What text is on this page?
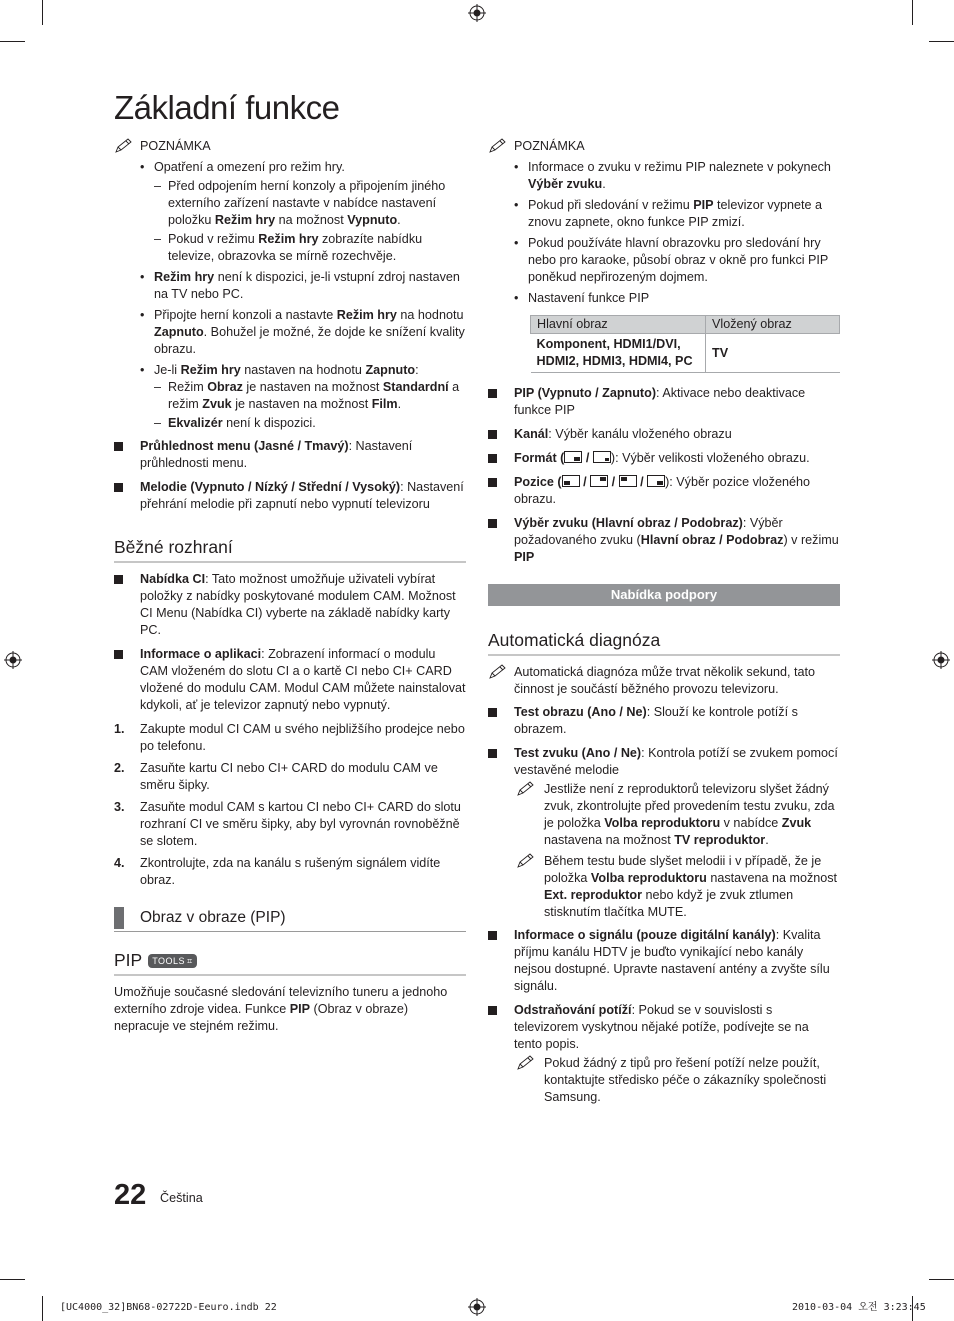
Základní funkce
POZNÁMKA
• Opatření a omezení pro režim hry.
– Před odpojením herní konzoly a připojením jiného externího zařízení nastavte v nabídce nastavení položku Režim hry na možnost Vypnuto.
– Pokud v režimu Režim hry zobrazíte nabídku televize, obrazovka se mírně rozechvěje.
• Režim hry není k dispozici, je-li vstupní zdroj nastaven na TV nebo PC.
• Připojte herní konzoli a nastavte Režim hry na hodnotu Zapnuto. Bohužel je možné, že dojde ke snížení kvality obrazu.
• Je-li Režim hry nastaven na hodnotu Zapnuto:
– Režim Obraz je nastaven na možnost Standardní a režim Zvuk je nastaven na možnost Film.
– Ekvalizér není k dispozici.
Průhlednost menu (Jasné / Tmavý): Nastavení průhlednosti menu.
Melodie (Vypnuto / Nízký / Střední / Vysoký): Nastavení přehrání melodie při zapnutí nebo vypnutí televizoru
Běžné rozhraní
Nabídka CI: Tato možnost umožňuje uživateli vybírat položky z nabídky poskytované modulem CAM. Možnost CI Menu (Nabídka CI) vyberte na základě nabídky karty PC.
Informace o aplikaci: Zobrazení informací o modulu CAM vloženém do slotu CI a o kartě CI nebo CI+ CARD vložené do modulu CAM. Modul CAM můžete nainstalovat kdykoli, ať je televizor zapnutý nebo vypnutý.
1. Zakupte modul CI CAM u svého nejbližšího prodejce nebo po telefonu.
2. Zasuňte kartu CI nebo CI+ CARD do modulu CAM ve směru šipky.
3. Zasuňte modul CAM s kartou CI nebo CI+ CARD do slotu rozhraní CI ve směru šipky, aby byl vyrovnán rovnoběžně se slotem.
4. Zkontrolujte, zda na kanálu s rušeným signálem vidíte obraz.
Obraz v obraze (PIP)
PIP TOOLS ⌗

Umožňuje současné sledování televizního tuneru a jednoho externího zdroje videa. Funkce PIP (Obraz v obraze) nepracuje ve stejném režimu.

POZNÁMKA
• Informace o zvuku v režimu PIP naleznete v pokynech Výběr zvuku.
• Pokud při sledování v režimu PIP televizor vypnete a znovu zapnete, okno funkce PIP zmizí.
• Pokud používáte hlavní obrazovku pro sledování hry nebo pro karaoke, působí obraz v okně pro funkci PIP poněkud nepřirozeným dojmem.
• Nastavení funkce PIP
Hlavní obraz	Vložený obraz
Komponent, HDMI1/DVI, HDMI2, HDMI3, HDMI4, PC	TV
PIP (Vypnuto / Zapnuto): Aktivace nebo deaktivace funkce PIP
Kanál: Výběr kanálu vloženého obrazu
Formát (
/
): Výběr velikosti vloženého obrazu.
Pozice (
/
/
/
): Výběr pozice vloženého obrazu.
Výběr zvuku (Hlavní obraz / Podobraz): Výběr požadovaného zvuku (Hlavní obraz / Podobraz) v režimu PIP
Nabídka podpory
Automatická diagnóza
Automatická diagnóza může trvat několik sekund, tato činnost je součástí běžného provozu televizoru.
Test obrazu (Ano / Ne): Slouží ke kontrole potíží s obrazem.
Test zvuku (Ano / Ne): Kontrola potíží se zvukem pomocí vestavěné melodie
Jestliže není z reproduktorů televizoru slyšet žádný zvuk, zkontrolujte před provedením testu zvuku, zda je položka Volba reproduktoru v nabídce Zvuk nastavena na možnost TV reproduktor.
Během testu bude slyšet melodii i v případě, že je položka Volba reproduktoru nastavena na možnost Ext. reproduktor nebo když je zvuk ztlumen stisknutím tlačítka MUTE.
Informace o signálu (pouze digitální kanály): Kvalita příjmu kanálu HDTV je buďto vynikající nebo kanály nejsou dostupné. Upravte nastavení antény a zvyšte sílu signálu.
Odstraňování potíží: Pokud se v souvislosti s televizorem vyskytnou nějaké potíže, podívejte se na tento popis.
Pokud žádný z tipů pro řešení potíží nelze použít, kontaktujte středisko péče o zákazníky společnosti Samsung.
22 Čeština
[UC4000_32]BN68-02722D-Eeuro.indb 22	2010-03-04 오전 3:23:45
